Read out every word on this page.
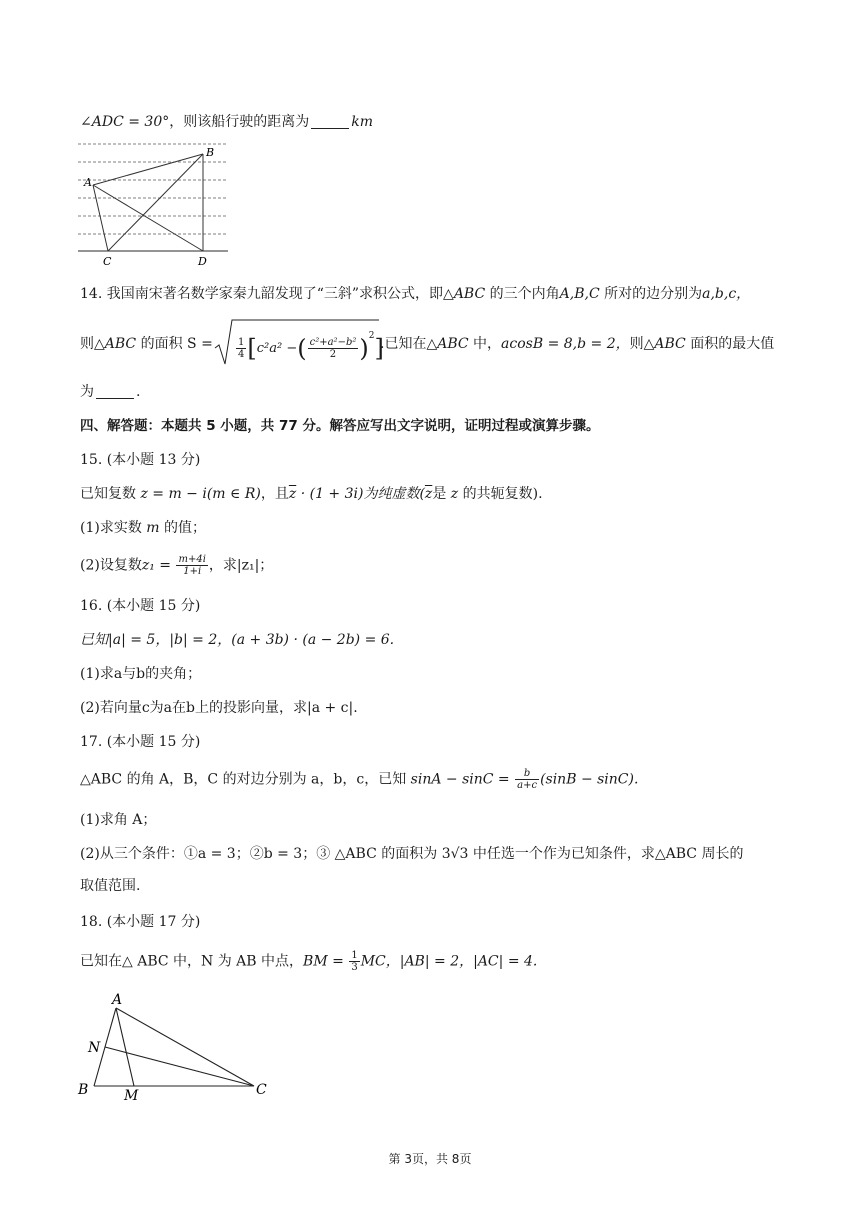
∠ADC = 30°，则该船行驶的距离为	km
A
B
C	D
14. 我国南宋著名数学家秦九韶发现了“三斜”求积公式，即△ABC 的三个内角A,B,C 所对的边分别为a,b,c，
则△ABC 的面积 $S = \frac{1}{4} [c^2a^2$ −( $\frac{\text{c²+a²−b²}}{2} )^2$]
.已知在△ABC 中，acosB = 8,b = 2，则△ABC 面积的最大值
为	.
四、解答题：本题共 5 小题，共 77 分。解答应写出文字说明，证明过程或演算步骤。
15. (本小题 13 分)
已知复数 z = m − i(m ∈ R)，且$\overline{z} \cdot (1 + 3i)$为纯虚数($\overline{z}$是 z 的共轭复数).
(1)求实数 m 的值；
(2)设复数$z_1 = \frac{m+4i}{1+i}$ ，求|z₁|；
16. (本小题 15 分)
已知|a| = 5，|b| = 2，(a + 3b) · (a − 2b) = 6.
(1)求a与b的夹角；
(2)若向量c为a在b上的投影向量，求|a + c|.
17. (本小题 15 分)
△ABC 的角 A，B，C 的对边分别为 a，b，c，已知 $\sin A - \sin C = \frac{b}{a+c} (\sin B - \sin C)$.
(1)求角 A；
(2)从三个条件：①a = 3；②b = 3；③ △ABC 的面积为 3√3 中任选一个作为已知条件，求△ABC 周长的
取值范围.
18. (本小题 17 分)
已知在△ ABC 中，N 为 AB 中点，BM = $\frac{1}{3}$ MC，|AB| = 2，|AC| = 4.
A
N
B	M	C
第 3页，共 8页
